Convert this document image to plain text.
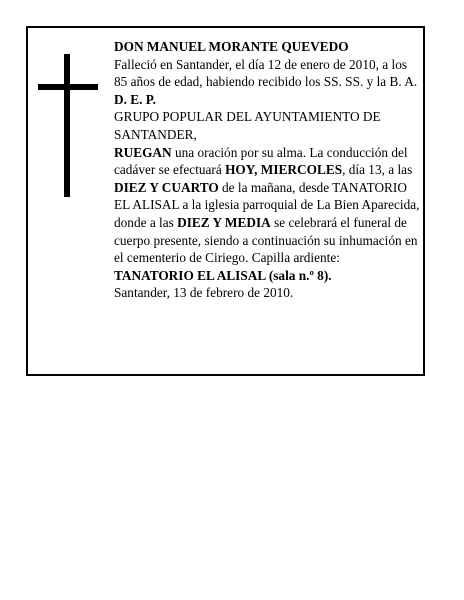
DON MANUEL MORANTE QUEVEDO

Falleció en Santander, el día 12 de enero de 2010, a los 85 años de edad, habiendo recibido los SS. SS. y la B. A.

D. E. P.

GRUPO POPULAR DEL AYUNTAMIENTO DE SANTANDER,

RUEGAN una oración por su alma. La conducción del cadáver se efectuará HOY, MIERCOLES, día 13, a las DIEZ Y CUARTO de la mañana, desde TANATORIO EL ALISAL a la iglesia parroquial de La Bien Aparecida, donde a las DIEZ Y MEDIA se celebrará el funeral de cuerpo presente, siendo a continuación su inhumación en el cementerio de Ciriego. Capilla ardiente: TANATORIO EL ALISAL (sala n.º 8).

Santander, 13 de febrero de 2010.
